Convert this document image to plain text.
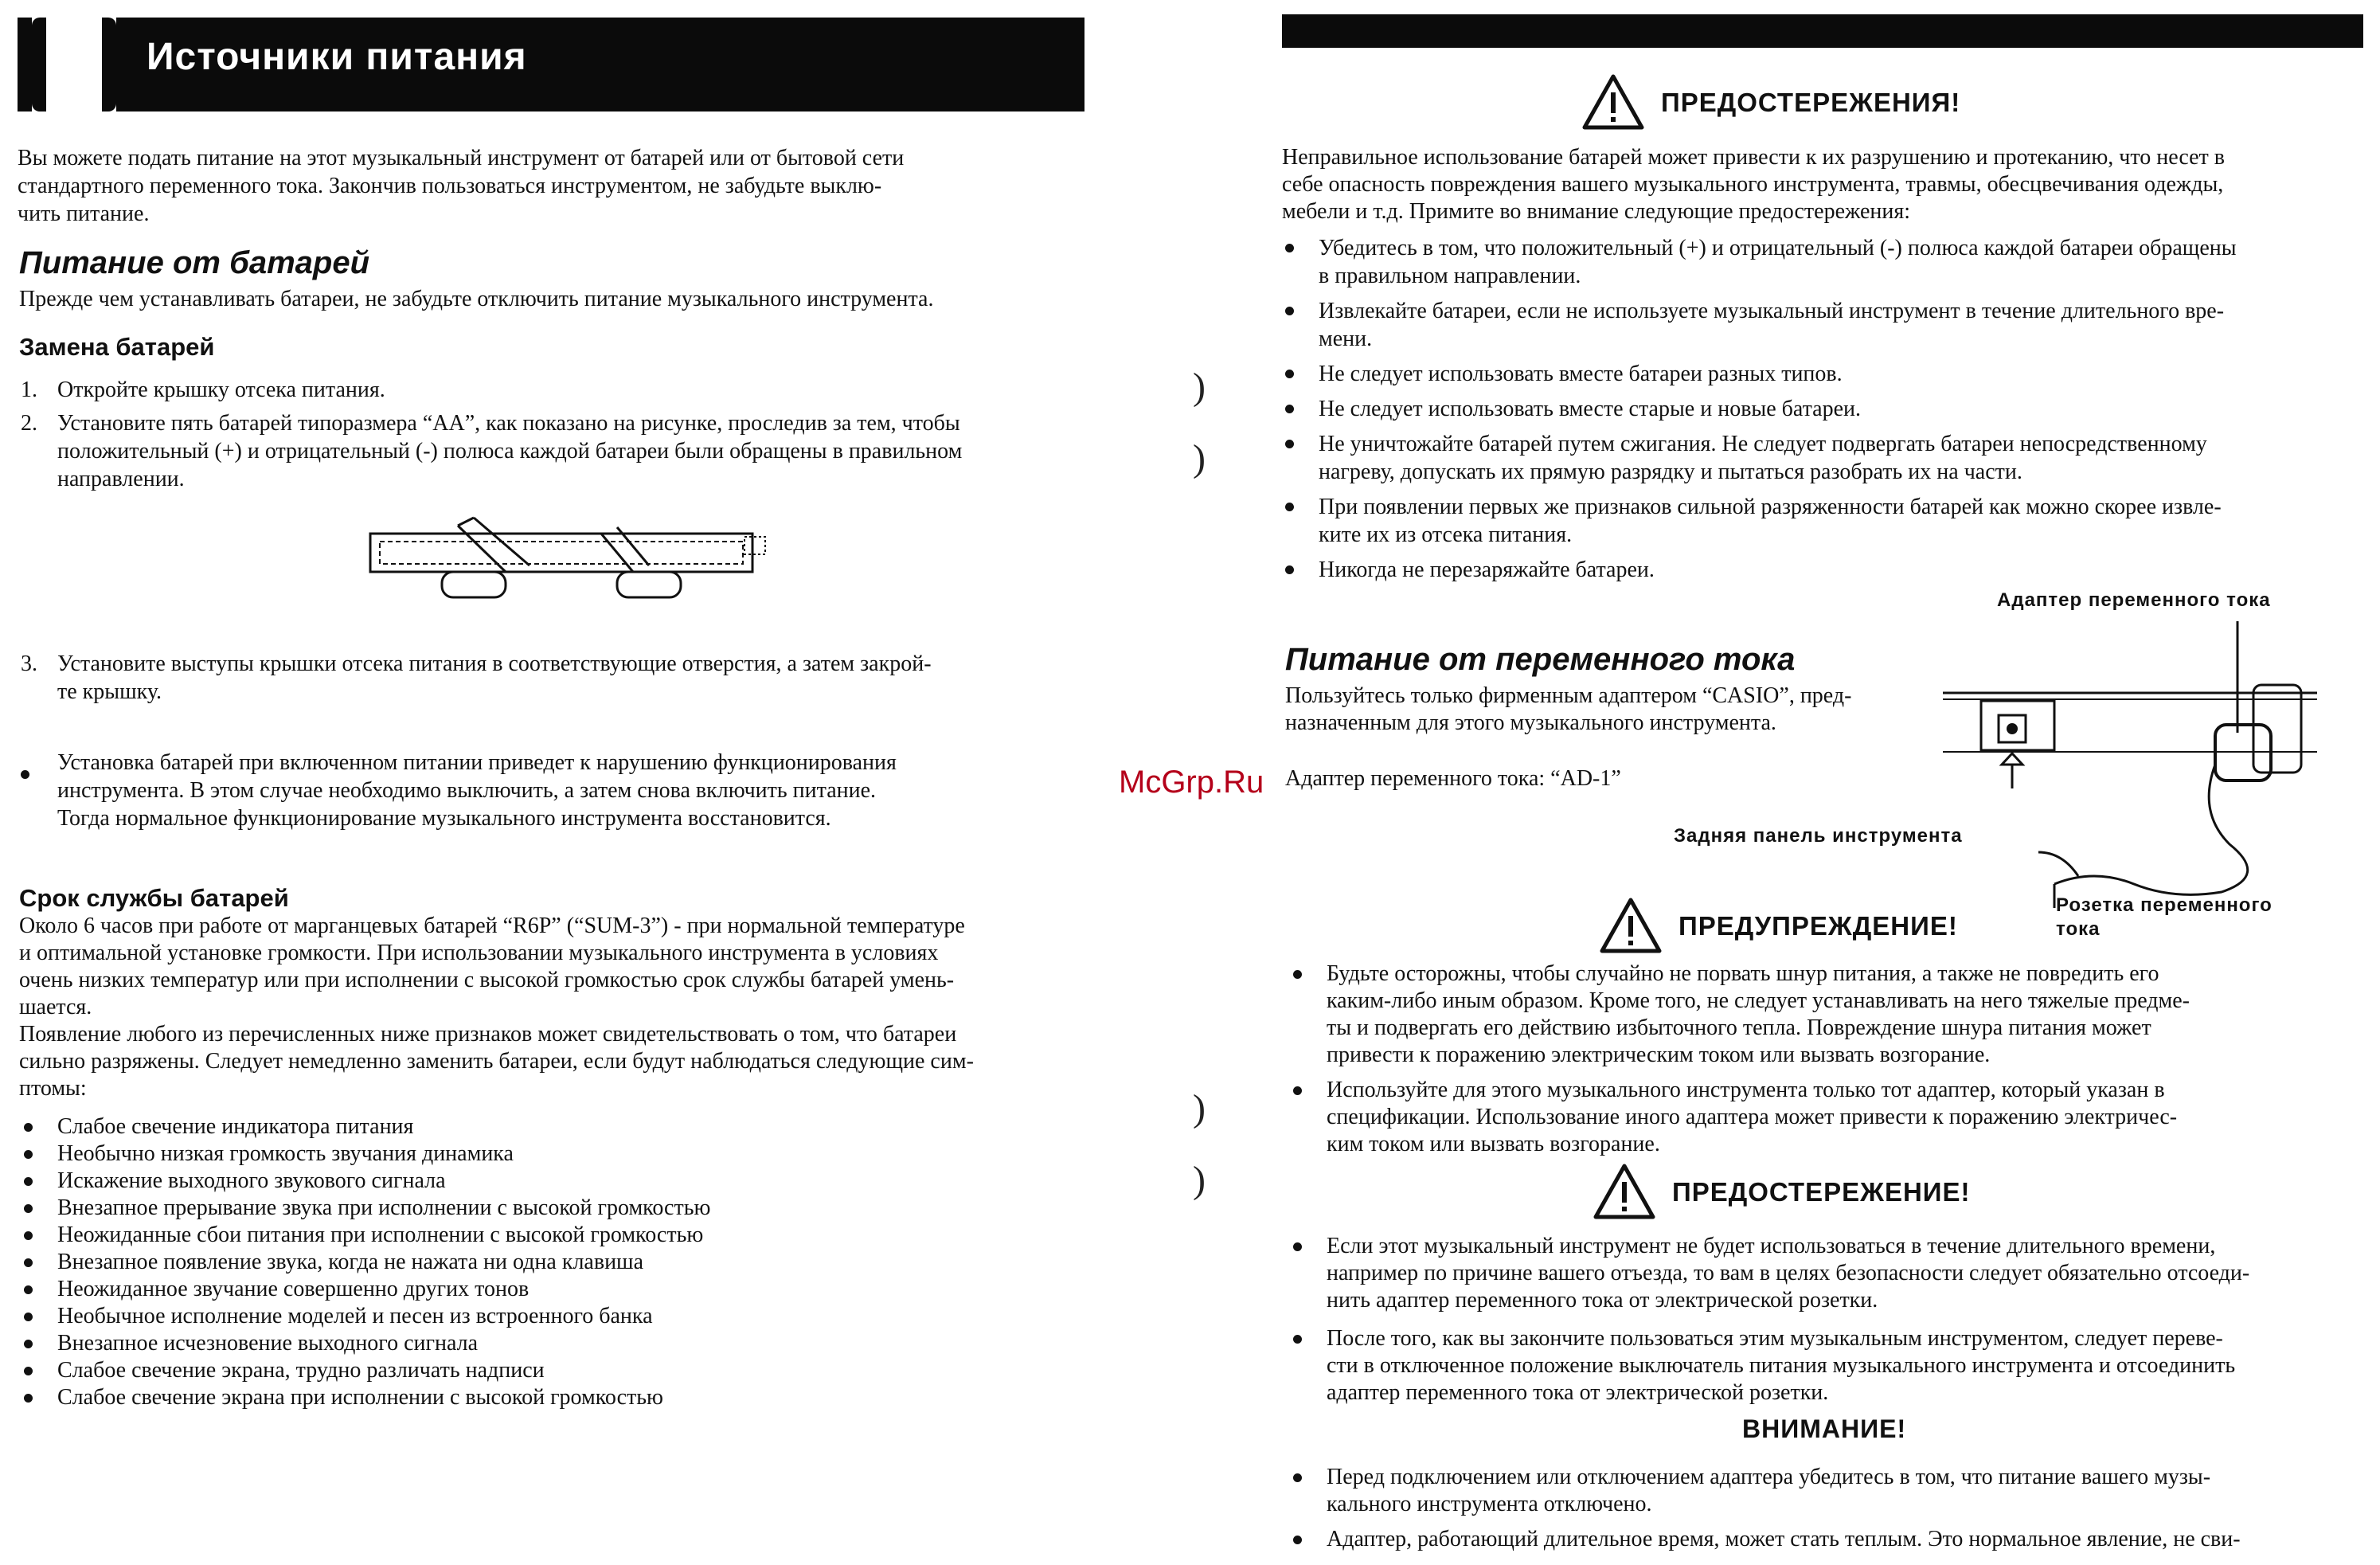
Источники питания
Вы можете подать питание на этот музыкальный инструмент от батарей или от бытовой сети
стандартного переменного тока. Закончив пользоваться инструментом, не забудьте выклю-
чить питание.
Питание от батарей
Прежде чем устанавливать батареи, не забудьте отключить питание музыкального инструмента.
Замена батарей
1. Откройте крышку отсека питания.
2. Установите пять батарей типоразмера “AA”, как показано на рисунке, проследив за тем, чтобы
положительный (+) и отрицательный (-) полюса каждой батареи были обращены в правильном
направлении.
3. Установите выступы крышки отсека питания в соответствующие отверстия, а затем закрой-
те крышку.
Установка батарей при включенном питании приведет к нарушению функционирования
инструмента. В этом случае необходимо выключить, а затем снова включить питание.
Тогда нормальное функционирование музыкального инструмента восстановится.
Срок службы батарей
Около 6 часов при работе от марганцевых батарей “R6P” (“SUM-3”) - при нормальной температуре
и оптимальной установке громкости. При использовании музыкального инструмента в условиях
очень низких температур или при исполнении с высокой громкостью срок службы батарей умень-
шается.
Появление любого из перечисленных ниже признаков может свидетельствовать о том, что батареи
сильно разряжены. Следует немедленно заменить батареи, если будут наблюдаться следующие сим-
птомы:
Слабое свечение индикатора питания
Необычно низкая громкость звучания динамика
Искажение выходного звукового сигнала
Внезапное прерывание звука при исполнении с высокой громкостью
Неожиданные сбои питания при исполнении с высокой громкостью
Внезапное появление звука, когда не нажата ни одна клавиша
Неожиданное звучание совершенно других тонов
Необычное исполнение моделей и песен из встроенного банка
Внезапное исчезновение выходного сигнала
Слабое свечение экрана, трудно различать надписи
Слабое свечение экрана при исполнении с высокой громкостью
)
)
)
)
McGrp.Ru
ПРЕДОСТЕРЕЖЕНИЯ!
Неправильное использование батарей может привести к их разрушению и протеканию, что несет в
себе опасность повреждения вашего музыкального инструмента, травмы, обесцвечивания одежды,
мебели и т.д. Примите во внимание следующие предостережения:
Убедитесь в том, что положительный (+) и отрицательный (-) полюса каждой батареи обращены
в правильном направлении.
Извлекайте батареи, если не используете музыкальный инструмент в течение длительного вре-
мени.
Не следует использовать вместе батареи разных типов.
Не следует использовать вместе старые и новые батареи.
Не уничтожайте батарей путем сжигания. Не следует подвергать батареи непосредственному
нагреву, допускать их прямую разрядку и пытаться разобрать их на части.
При появлении первых же признаков сильной разряженности батарей как можно скорее извле-
ките их из отсека питания.
Никогда не перезаряжайте батареи.
Питание от переменного тока
Пользуйтесь только фирменным адаптером “CASIO”, пред-
назначенным для этого музыкального инструмента.
Адаптер переменного тока: “AD-1”
Адаптер переменного тока
Задняя панель инструмента
Розетка переменного
тока
ПРЕДУПРЕЖДЕНИЕ!
Будьте осторожны, чтобы случайно не порвать шнур питания, а также не повредить его
каким-либо иным образом. Кроме того, не следует устанавливать на него тяжелые предме-
ты и подвергать его действию избыточного тепла. Повреждение шнура питания может
привести к поражению электрическим током или вызвать возгорание.
Используйте для этого музыкального инструмента только тот адаптер, который указан в
спецификации. Использование иного адаптера может привести к поражению электричес-
ким током или вызвать возгорание.
ПРЕДОСТЕРЕЖЕНИЕ!
Если этот музыкальный инструмент не будет использоваться в течение длительного времени,
например по причине вашего отъезда, то вам в целях безопасности следует обязательно отсоеди-
нить адаптер переменного тока от электрической розетки.
После того, как вы закончите пользоваться этим музыкальным инструментом, следует переве-
сти в отключенное положение выключатель питания музыкального инструмента и отсоединить
адаптер переменного тока от электрической розетки.
ВНИМАНИЕ!
Перед подключением или отключением адаптера убедитесь в том, что питание вашего музы-
кального инструмента отключено.
Адаптер, работающий длительное время, может стать теплым. Это нормальное явление, не сви-
